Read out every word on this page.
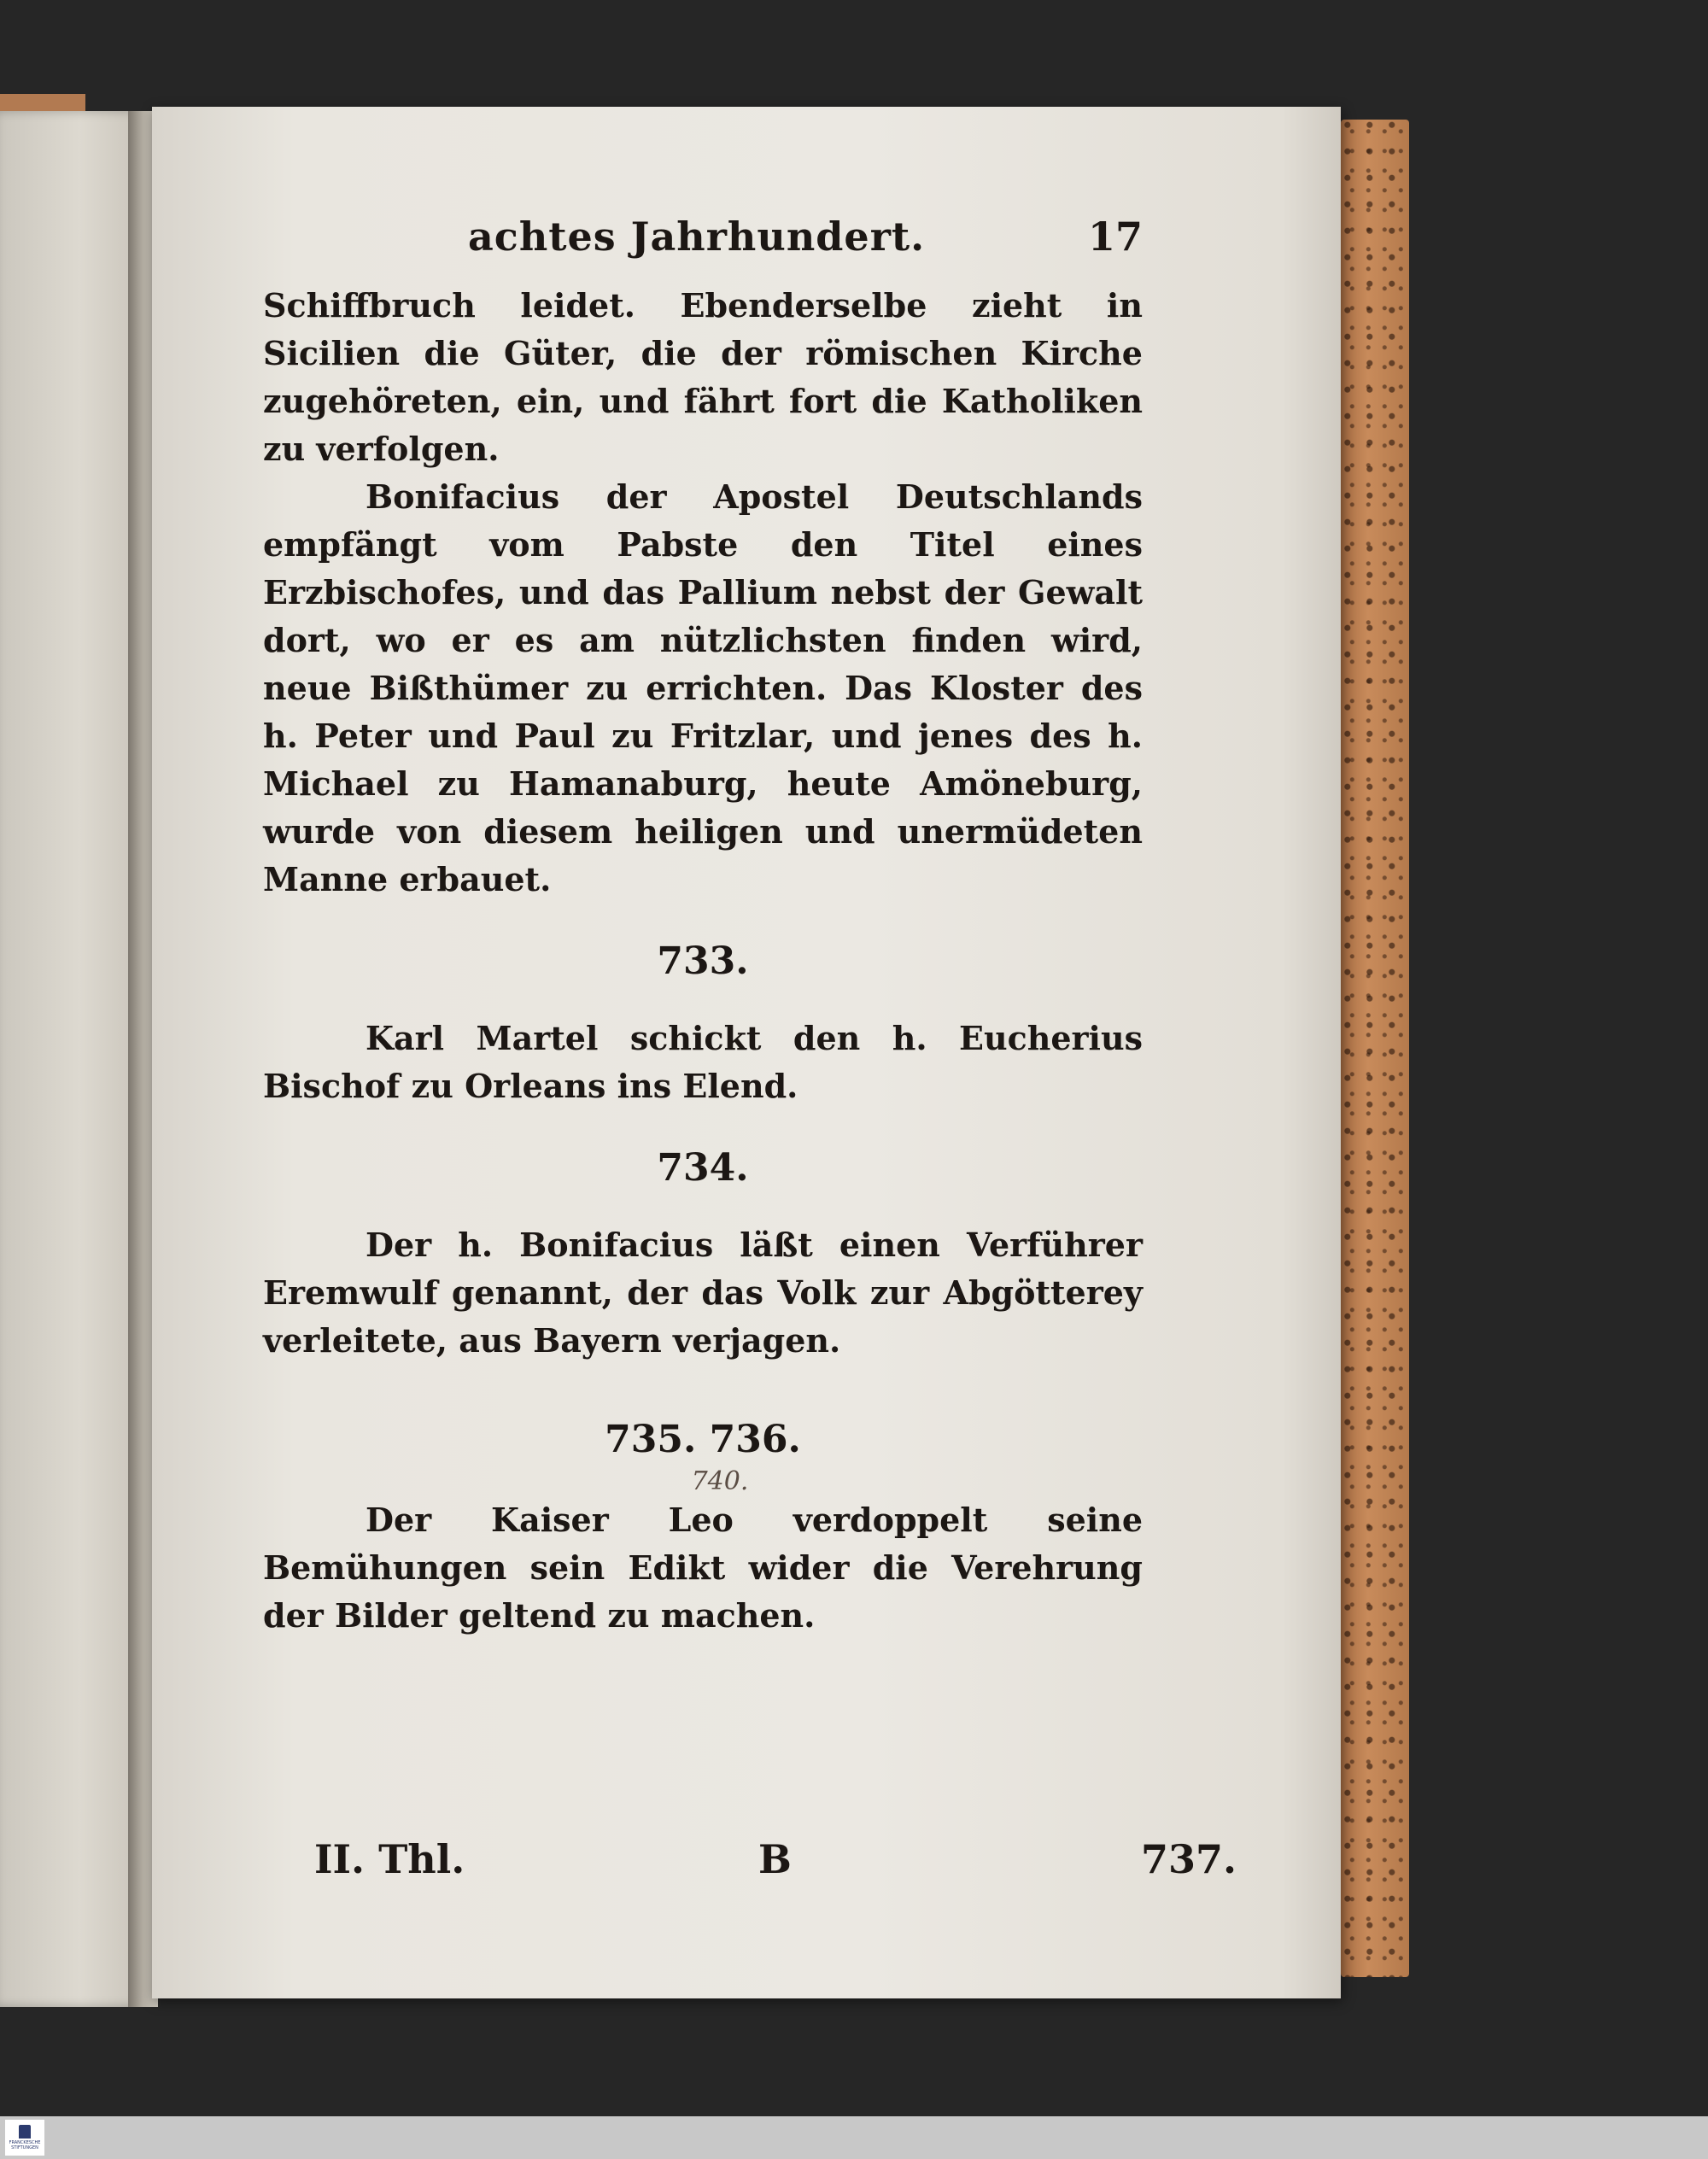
achtes Jahrhundert.	17

Schiffbruch leidet. Ebenderselbe zieht in Sicilien die Güter, die der römischen Kirche zugehöreten, ein, und fährt fort die Katholiken zu verfolgen.

Bonifacius der Apostel Deutschlands empfängt vom Pabste den Titel eines Erzbischofes, und das Pallium nebst der Gewalt dort, wo er es am nützlichsten finden wird, neue Bißthümer zu errichten. Das Kloster des h. Peter und Paul zu Fritzlar, und jenes des h. Michael zu Hamanaburg, heute Amöneburg, wurde von diesem heiligen und unermüdeten Manne erbauet.

733.

Karl Martel schickt den h. Eucherius Bischof zu Orleans ins Elend.

734.

Der h. Bonifacius läßt einen Verführer Eremwulf genannt, der das Volk zur Abgötterey verleitete, aus Bayern verjagen.

735. 736.
740.

Der Kaiser Leo verdoppelt seine Bemühungen sein Edikt wider die Verehrung der Bilder geltend zu machen.

II. Thl.	B	737.
FRANCKESCHE STIFTUNGEN
